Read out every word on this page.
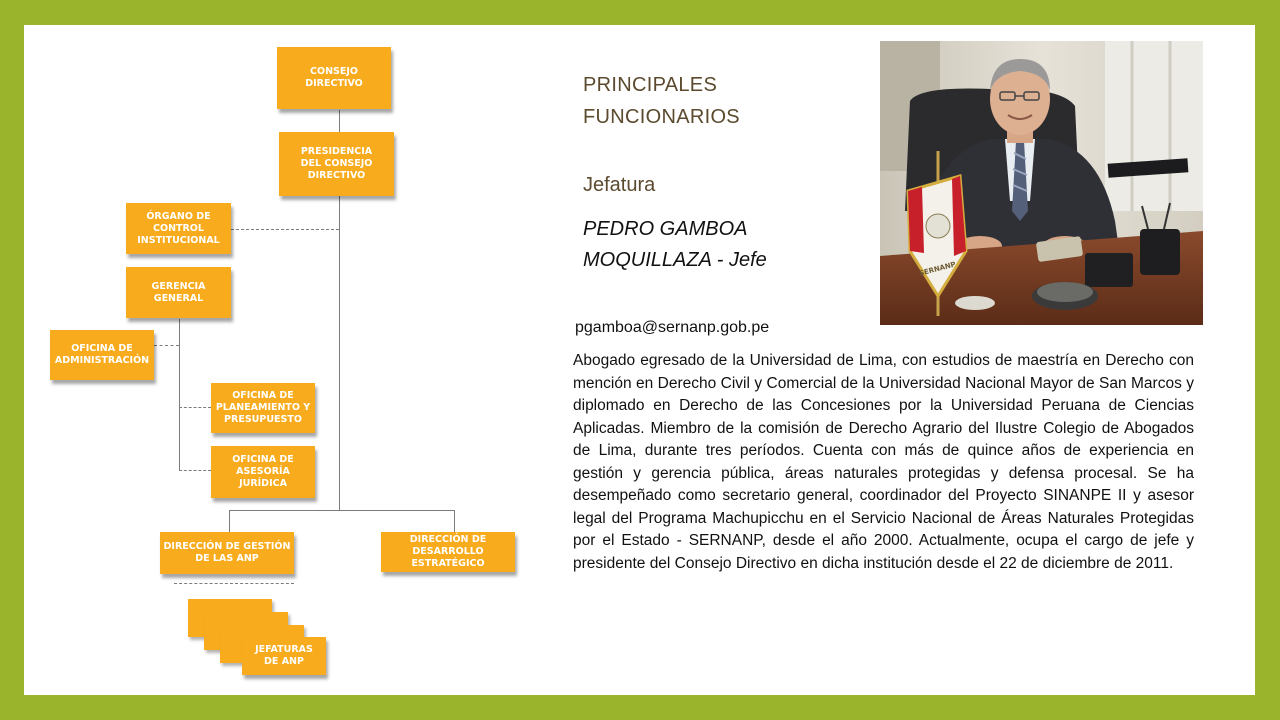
CONSEJO
DIRECTIVO
PRESIDENCIA
DEL CONSEJO
DIRECTIVO
ÓRGANO DE
CONTROL
INSTITUCIONAL
GERENCIA
GENERAL
OFICINA DE
ADMINISTRACIÓN
OFICINA DE
PLANEAMIENTO Y
PRESUPUESTO
OFICINA DE
ASESORÍA
JURÍDICA
DIRECCIÓN DE GESTIÓN
DE LAS ANP
DIRECCIÓN DE
DESARROLLO
ESTRATÉGICO
JEFATURAS
DE ANP
PRINCIPALES
FUNCIONARIOS
Jefatura
PEDRO GAMBOA
MOQUILLAZA - Jefe
pgamboa@sernanp.gob.pe
Abogado egresado de la Universidad de Lima, con estudios de maestría en Derecho con mención en Derecho Civil y Comercial de la Universidad Nacional Mayor de San Marcos y diplomado en Derecho de las Concesiones por la Universidad Peruana de Ciencias Aplicadas. Miembro de la comisión de Derecho Agrario del Ilustre Colegio de Abogados de Lima, durante tres períodos. Cuenta con más de quince años de experiencia en gestión y gerencia pública, áreas naturales protegidas y defensa procesal. Se ha desempeñado como secretario general, coordinador del Proyecto SINANPE II y asesor legal del Programa Machupicchu en el Servicio Nacional de Áreas Naturales Protegidas por el Estado - SERNANP, desde el año 2000. Actualmente, ocupa el cargo de jefe y presidente del Consejo Directivo en dicha institución desde el 22 de diciembre de 2011.
SERNANP
